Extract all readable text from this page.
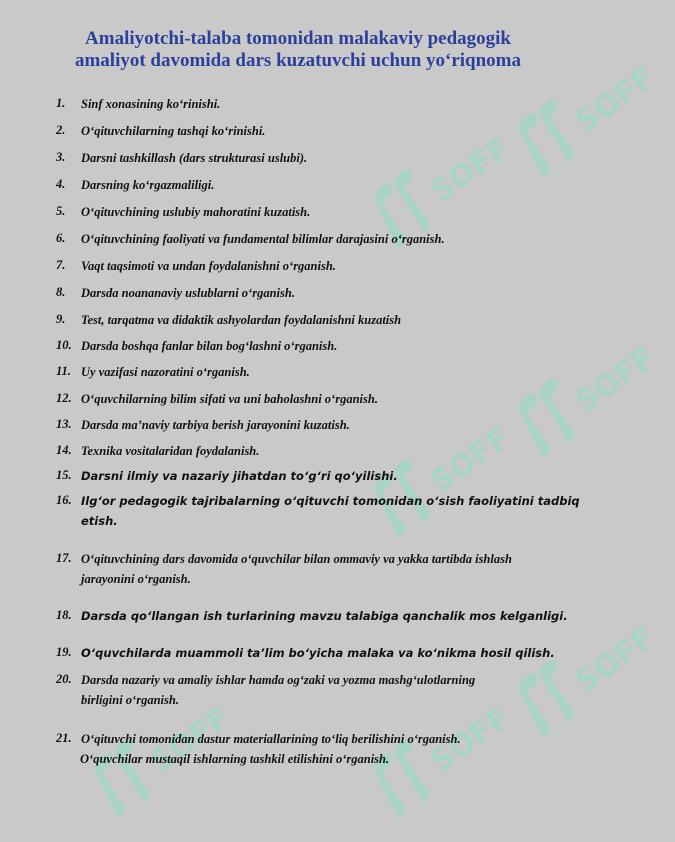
SOFF
SOFF
SOFF
SOFF
SOFF	SOFF
SOFF
Amaliyotchi-talaba tomonidan malakaviy pedagogik
amaliyot davomida dars kuzatuvchi uchun yo‘riqnoma
1.	Sinf xonasining ko‘rinishi.
2.	O‘qituvchilarning tashqi ko‘rinishi.
3.	Darsni tashkillash (dars strukturasi uslubi).
4.	Darsning ko‘rgazmaliligi.
5.	O‘qituvchining uslubiy mahoratini kuzatish.
6.	O‘qituvchining faoliyati va fundamental bilimlar darajasini o‘rganish.
7.	Vaqt taqsimoti va undan foydalanishni o‘rganish.
8.	Darsda noananaviy uslublarni o‘rganish.
9.	Test, tarqatma va didaktik ashyolardan foydalanishni kuzatish
10. Darsda boshqa fanlar bilan bog‘lashni o‘rganish.
11. Uy vazifasi nazoratini o‘rganish.
12. O‘quvchilarning bilim sifati va uni baholashni o‘rganish.
13. Darsda ma’naviy tarbiya berish jarayonini kuzatish.
14. Texnika vositalaridan foydalanish.
15. Darsni ilmiy va nazariy jihatdan to‘g‘ri qo‘yilishi.
16. Ilg‘or pedagogik tajribalarning o‘qituvchi tomonidan o‘sish faoliyatini tadbiq
etish.
17. O‘qituvchining dars davomida o‘quvchilar bilan ommaviy va yakka tartibda ishlash
jarayonini o‘rganish.
18. Darsda qo‘llangan ish turlarining mavzu talabiga qanchalik mos kelganligi.
19. O‘quvchilarda muammoli ta’lim bo‘yicha malaka va ko‘nikma hosil qilish.
20. Darsda nazariy va amaliy ishlar hamda og‘zaki va yozma mashg‘ulotlarning
birligini o‘rganish.
21. O‘qituvchi tomonidan dastur materiallarining to‘liq berilishini o‘rganish.
O‘quvchilar mustaqil ishlarning tashkil etilishini o‘rganish.
